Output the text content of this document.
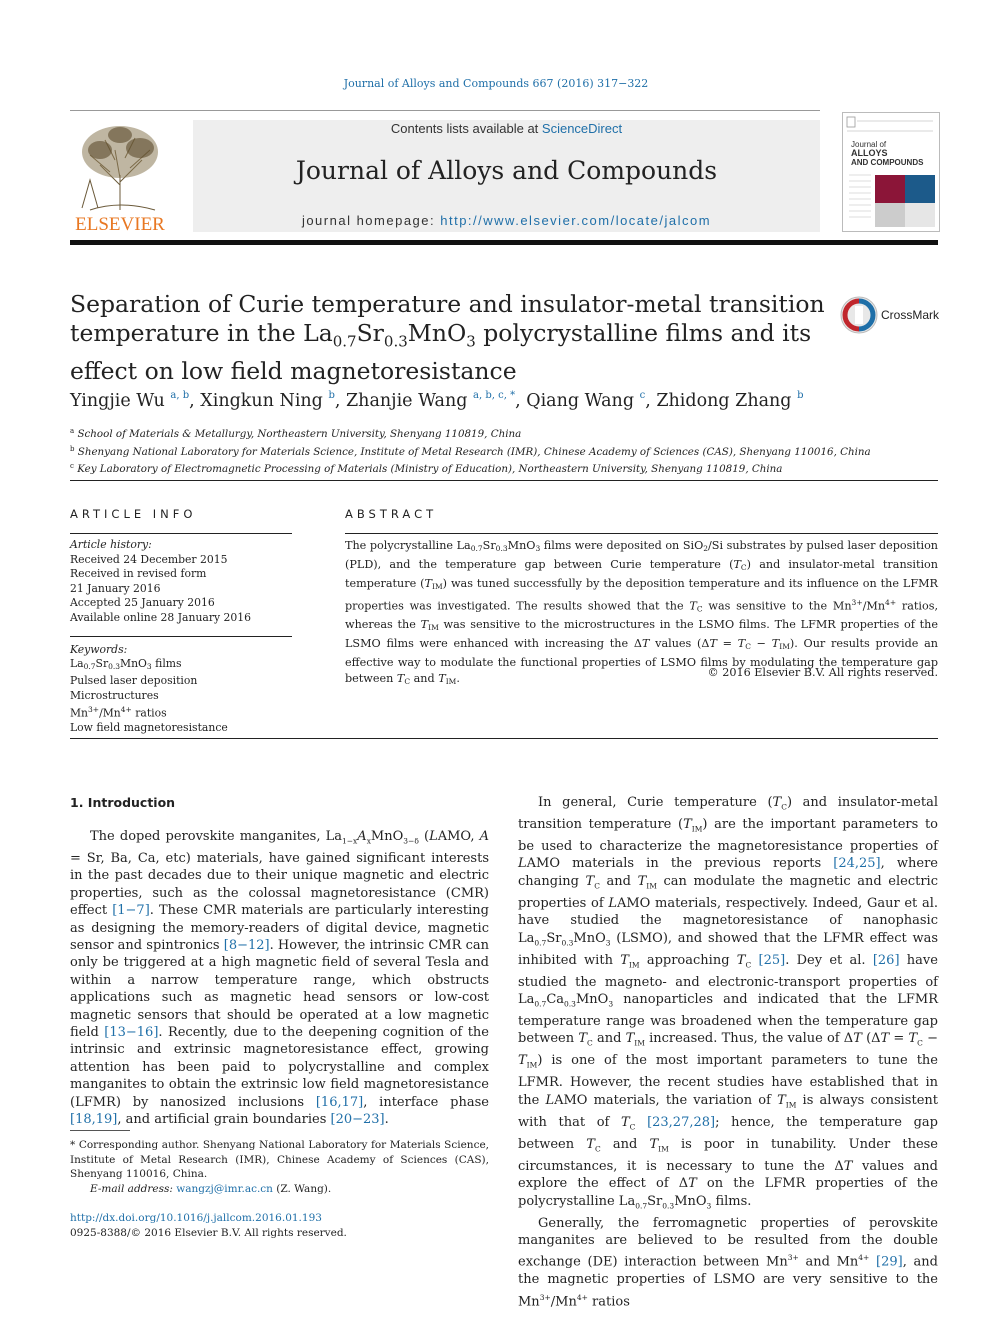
Journal of Alloys and Compounds 667 (2016) 317−322
ELSEVIER
Contents lists available at ScienceDirect
Journal of Alloys and Compounds
journal homepage: http://www.elsevier.com/locate/jalcom
Journal of
ALLOYS
AND COMPOUNDS
Separation of Curie temperature and insulator-metal transition temperature in the $La_{0.7}Sr_{0.3}MnO_3$ polycrystalline films and its effect on low field magnetoresistance
CrossMark
Yingjie Wu $^{a, b}$, Xingkun Ning $^b$, Zhanjie Wang $^{a, b, c, *}$, Qiang Wang $^c$, Zhidong Zhang $^b$
$^a$ School of Materials & Metallurgy, Northeastern University, Shenyang 110819, China
$^b$ Shenyang National Laboratory for Materials Science, Institute of Metal Research (IMR), Chinese Academy of Sciences (CAS), Shenyang 110016, China
$^c$ Key Laboratory of Electromagnetic Processing of Materials (Ministry of Education), Northeastern University, Shenyang 110819, China
ARTICLE INFO
Article history:
Received 24 December 2015
Received in revised form
21 January 2016
Accepted 25 January 2016
Available online 28 January 2016
Keywords:
$La_{0.7}Sr_{0.3}MnO_3$ films
Pulsed laser deposition
Microstructures
$Mn^{3+}/Mn^{4+}$ ratios
Low field magnetoresistance
ABSTRACT
The polycrystalline $La_{0.7}Sr_{0.3}MnO_3$ films were deposited on SiO$_2$/Si substrates by pulsed laser deposition (PLD), and the temperature gap between Curie temperature $(T_C)$ and insulator-metal transition temperature $(T_{IM})$ was tuned successfully by the deposition temperature and its influence on the LFMR properties was investigated. The results showed that the $T_C$ was sensitive to the $Mn^{3+}/Mn^{4+}$ ratios, whereas the $T_{IM}$ was sensitive to the microstructures in the LSMO films. The LFMR properties of the LSMO films were enhanced with increasing the ΔT values $(\Delta T = T_C - T_{IM})$. Our results provide an effective way to modulate the functional properties of LSMO films by modulating the temperature gap between $T_C$ and $T_{IM}$.	© 2016 Elsevier B.V. All rights reserved.
1. Introduction

The doped perovskite manganites, $La_{1-x}A_xMnO_{3-\delta}$ (LAMO, A = Sr, Ba, Ca, etc) materials, have gained significant interests in the past decades due to their unique magnetic and electric properties, such as the colossal magnetoresistance (CMR) effect [1−7]. These CMR materials are particularly interesting as designing the memory-readers of digital device, magnetic sensor and spintronics [8−12]. However, the intrinsic CMR can only be triggered at a high magnetic field of several Tesla and within a narrow temperature range, which obstructs applications such as magnetic head sensors or low-cost magnetic sensors that should be operated at a low magnetic field [13−16]. Recently, due to the deepening cognition of the intrinsic and extrinsic magnetoresistance effect, growing attention has been paid to polycrystalline and complex manganites to obtain the extrinsic low field magnetoresistance (LFMR) by nanosized inclusions [16,17], interface phase [18,19], and artificial grain boundaries [20−23].

In general, Curie temperature $(T_C)$ and insulator-metal transition temperature $(T_{IM})$ are the important parameters to be used to characterize the magnetoresistance properties of LAMO materials in the previous reports [24,25], where changing $T_C$ and $T_{IM}$ can modulate the magnetic and electric properties of LAMO materials, respectively. Indeed, Gaur et al. have studied the magnetoresistance of nanophasic $La_{0.7}Sr_{0.3}MnO_3$ (LSMO), and showed that the LFMR effect was inhibited with $T_{IM}$ approaching $T_C$ [25]. Dey et al. [26] have studied the magneto- and electronic-transport properties of $La_{0.7}Ca_{0.3}MnO_3$ nanoparticles and indicated that the LFMR temperature range was broadened when the temperature gap between $T_C$ and $T_{IM}$ increased. Thus, the value of ΔT $(\Delta T = T_C - T_{IM})$ is one of the most important parameters to tune the LFMR. However, the recent studies have established that in the LAMO materials, the variation of $T_{IM}$ is always consistent with that of $T_C$ [23,27,28]; hence, the temperature gap between $T_C$ and $T_{IM}$ is poor in tunability. Under these circumstances, it is necessary to tune the ΔT values and explore the effect of ΔT on the LFMR properties of the polycrystalline $La_{0.7}Sr_{0.3}MnO_3$ films.

Generally, the ferromagnetic properties of perovskite manganites are believed to be resulted from the double exchange (DE) interaction between $Mn^{3+}$ and $Mn^{4+}$ [29], and the magnetic properties of LSMO are very sensitive to the $Mn^{3+}/Mn^{4+}$ ratios

* Corresponding author. Shenyang National Laboratory for Materials Science, Institute of Metal Research (IMR), Chinese Academy of Sciences (CAS), Shenyang 110016, China.
E-mail address: wangzj@imr.ac.cn (Z. Wang).
http://dx.doi.org/10.1016/j.jallcom.2016.01.193
0925-8388/© 2016 Elsevier B.V. All rights reserved.
